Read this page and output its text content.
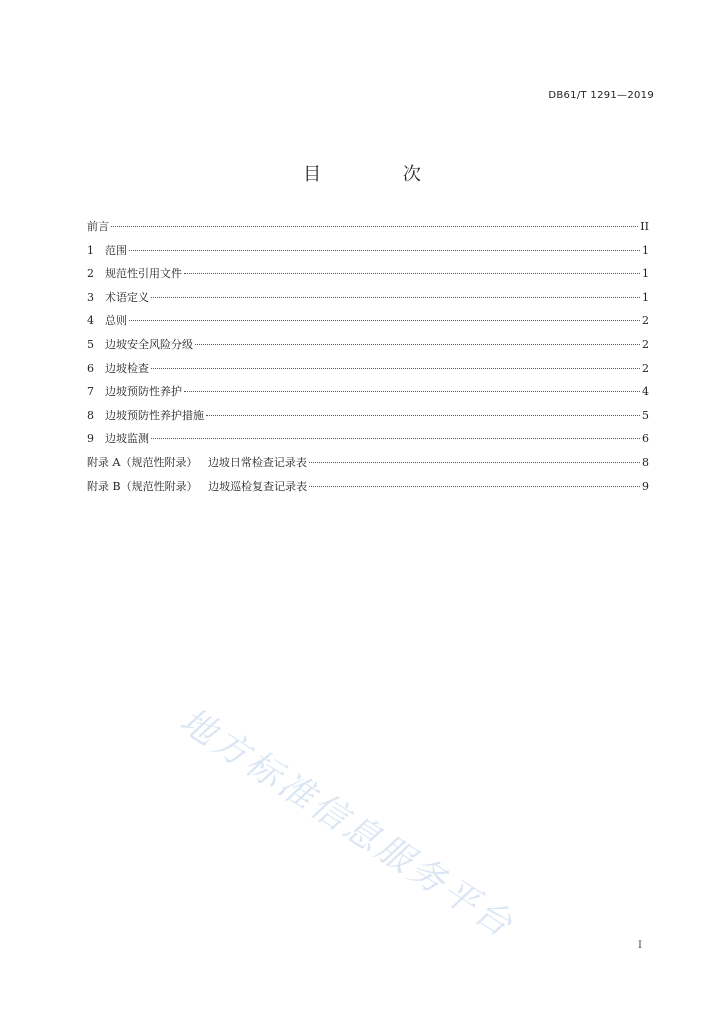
DB61/T 1291—2019
目 次
前言	II
1	范围	1
2	规范性引用文件	1
3	术语定义	1
4	总则	2
5	边坡安全风险分级	2
6	边坡检查	2
7	边坡预防性养护	4
8	边坡预防性养护措施	5
9	边坡监测	6
附录 A（规范性附录）   边坡日常检查记录表	8
附录 B（规范性附录）   边坡巡检复查记录表	9
地方标准信息服务平台	I
